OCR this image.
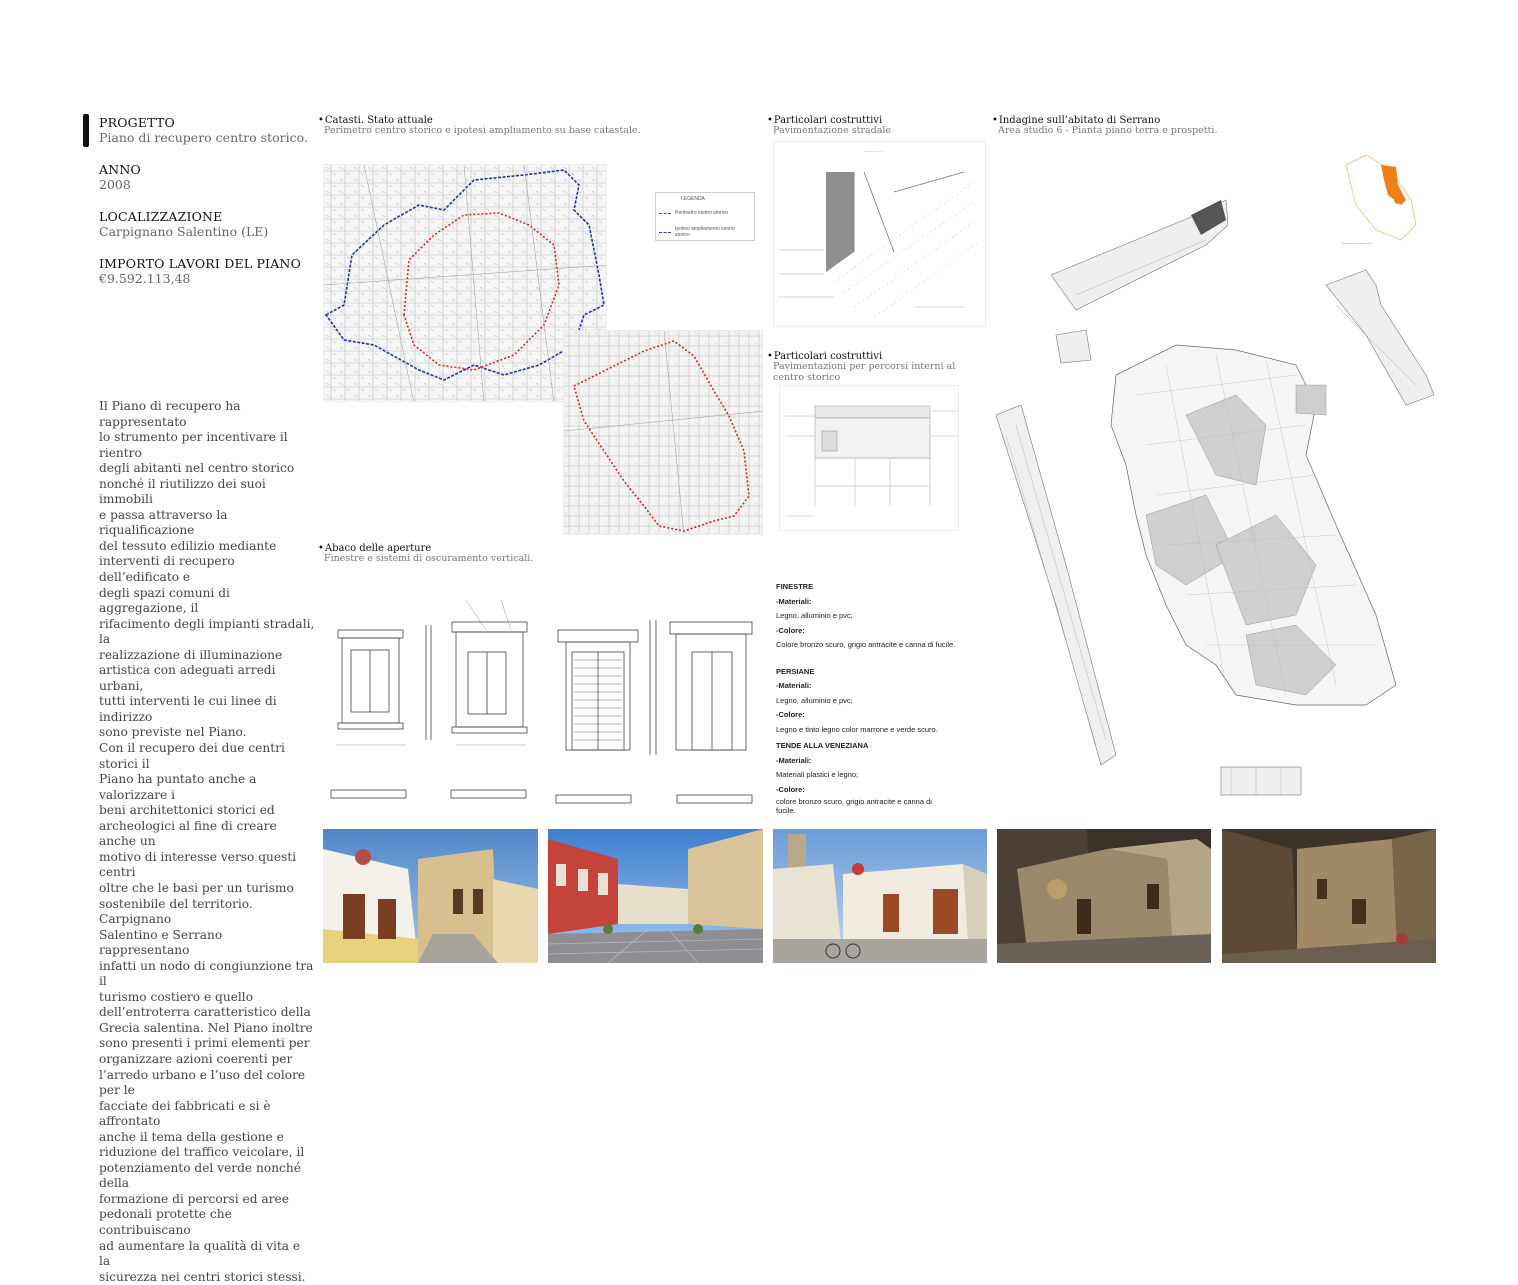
PROGETTO
Piano di recupero centro storico.
ANNO
2008
LOCALIZZAZIONE
Carpignano Salentino (LE)
IMPORTO LAVORI DEL PIANO
€9.592.113,48
Il Piano di recupero ha rappresentato
lo strumento per incentivare il rientro
degli abitanti nel centro storico
nonché il riutilizzo dei suoi immobili
e passa attraverso la riqualificazione
del tessuto edilizio mediante
interventi di recupero dell’edificato e
degli spazi comuni di aggregazione, il
rifacimento degli impianti stradali, la
realizzazione di illuminazione
artistica con adeguati arredi urbani,
tutti interventi le cui linee di indirizzo
sono previste nel Piano.
Con il recupero dei due centri storici il
Piano ha puntato anche a valorizzare i
beni architettonici storici ed
archeologici al fine di creare anche un
motivo di interesse verso questi centri
oltre che le basi per un turismo
sostenibile del territorio. Carpignano
Salentino e Serrano rappresentano
infatti un nodo di congiunzione tra il
turismo costiero e quello
dell’entroterra caratteristico della
Grecia salentina. Nel Piano inoltre
sono presenti i primi elementi per
organizzare azioni coerenti per
l’arredo urbano e l’uso del colore per le
facciate dei fabbricati e si è affrontato
anche il tema della gestione e
riduzione del traffico veicolare, il
potenziamento del verde nonché della
formazione di percorsi ed aree
pedonali protette che contribuiscano
ad aumentare la qualità di vita e la
sicurezza nei centri storici stessi.
• Catasti. Stato attuale
Perimetro centro storico e ipotesi ampliamento su base catastale.
• Particolari costruttivi
Pavimentazione stradale
• Indagine sull’abitato di Serrano
Area studio 6 - Pianta piano terra e prospetti.
• Particolari costruttivi
Pavimentazioni per percorsi interni al centro storico
• Abaco delle aperture
Finestre e sistemi di oscuramento verticali.
LEGENDA
Perimetro centro storico
Ipotesi ampliamento centro storico
— — — —
— — — — —
FINESTRE
-Materiali:
Legno, alluminio e pvc;
-Colore:
Colore bronzo scuro, grigio antracite e canna di fucile.
PERSIANE
-Materiali:
Legno, alluminio e pvc;
-Colore:
Legno e tinto legno color marrone e verde scuro.
TENDE ALLA VENEZIANA
-Materiali:
Materiali plastici e legno;
-Colore:
colore bronzo scuro, grigio antracite e canna di fucile.
